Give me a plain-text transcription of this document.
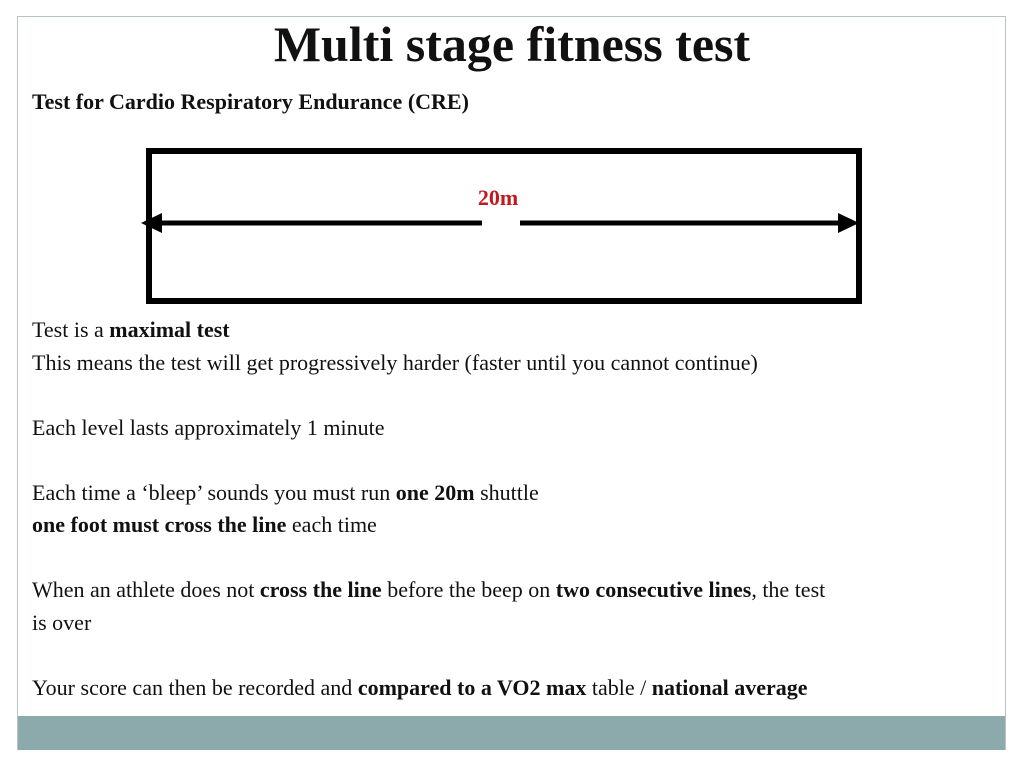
Multi stage fitness test

Test for Cardio Respiratory Endurance (CRE)

20m
Test is a maximal test
This means the test will get progressively harder (faster until you cannot continue)
Each level lasts approximately 1 minute
Each time a ‘bleep’ sounds you must run one 20m shuttle
one foot must cross the line each time
When an athlete does not cross the line before the beep on two consecutive lines, the test
is over
Your score can then be recorded and compared to a VO2 max table / national average
